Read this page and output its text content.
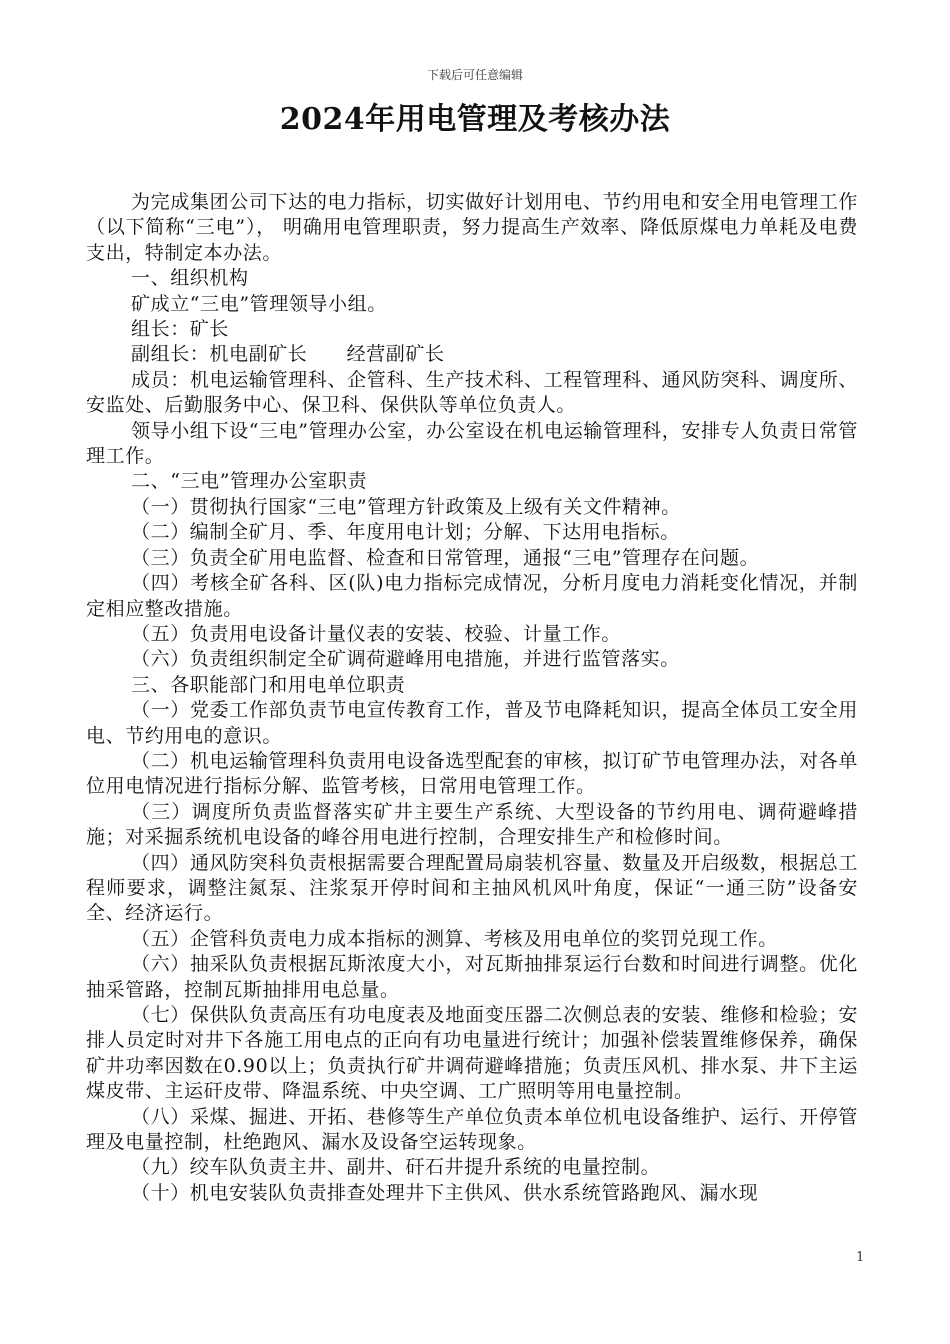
下载后可任意编辑
2024年用电管理及考核办法

为完成集团公司下达的电力指标，切实做好计划用电、节约用电和安全用电管理工作（以下简称“三电”）， 明确用电管理职责，努力提高生产效率、降低原煤电力单耗及电费支出，特制定本办法。

一、组织机构

矿成立“三电”管理领导小组。

组长：矿长

副组长：机电副矿长　　经营副矿长

成员：机电运输管理科、企管科、生产技术科、工程管理科、通风防突科、调度所、安监处、后勤服务中心、保卫科、保供队等单位负责人。

领导小组下设“三电”管理办公室，办公室设在机电运输管理科，安排专人负责日常管理工作。

二、“三电”管理办公室职责

（一）贯彻执行国家“三电”管理方针政策及上级有关文件精神。

（二）编制全矿月、季、年度用电计划；分解、下达用电指标。

（三）负责全矿用电监督、检查和日常管理，通报“三电”管理存在问题。

（四）考核全矿各科、区(队)电力指标完成情况，分析月度电力消耗变化情况，并制定相应整改措施。

（五）负责用电设备计量仪表的安装、校验、计量工作。

（六）负责组织制定全矿调荷避峰用电措施，并进行监管落实。

三、各职能部门和用电单位职责

（一）党委工作部负责节电宣传教育工作，普及节电降耗知识，提高全体员工安全用电、节约用电的意识。

（二）机电运输管理科负责用电设备选型配套的审核，拟订矿节电管理办法，对各单位用电情况进行指标分解、监管考核，日常用电管理工作。

（三）调度所负责监督落实矿井主要生产系统、大型设备的节约用电、调荷避峰措施；对采掘系统机电设备的峰谷用电进行控制，合理安排生产和检修时间。

（四）通风防突科负责根据需要合理配置局扇装机容量、数量及开启级数，根据总工程师要求，调整注氮泵、注浆泵开停时间和主抽风机风叶角度，保证“一通三防”设备安全、经济运行。

（五）企管科负责电力成本指标的测算、考核及用电单位的奖罚兑现工作。

（六）抽采队负责根据瓦斯浓度大小，对瓦斯抽排泵运行台数和时间进行调整。优化抽采管路，控制瓦斯抽排用电总量。

（七）保供队负责高压有功电度表及地面变压器二次侧总表的安装、维修和检验；安排人员定时对井下各施工用电点的正向有功电量进行统计；加强补偿装置维修保养，确保矿井功率因数在0.90以上；负责执行矿井调荷避峰措施；负责压风机、排水泵、井下主运煤皮带、主运矸皮带、降温系统、中央空调、工广照明等用电量控制。

（八）采煤、掘进、开拓、巷修等生产单位负责本单位机电设备维护、运行、开停管理及电量控制，杜绝跑风、漏水及设备空运转现象。

（九）绞车队负责主井、副井、矸石井提升系统的电量控制。

（十）机电安装队负责排查处理井下主供风、供水系统管路跑风、漏水现

1
